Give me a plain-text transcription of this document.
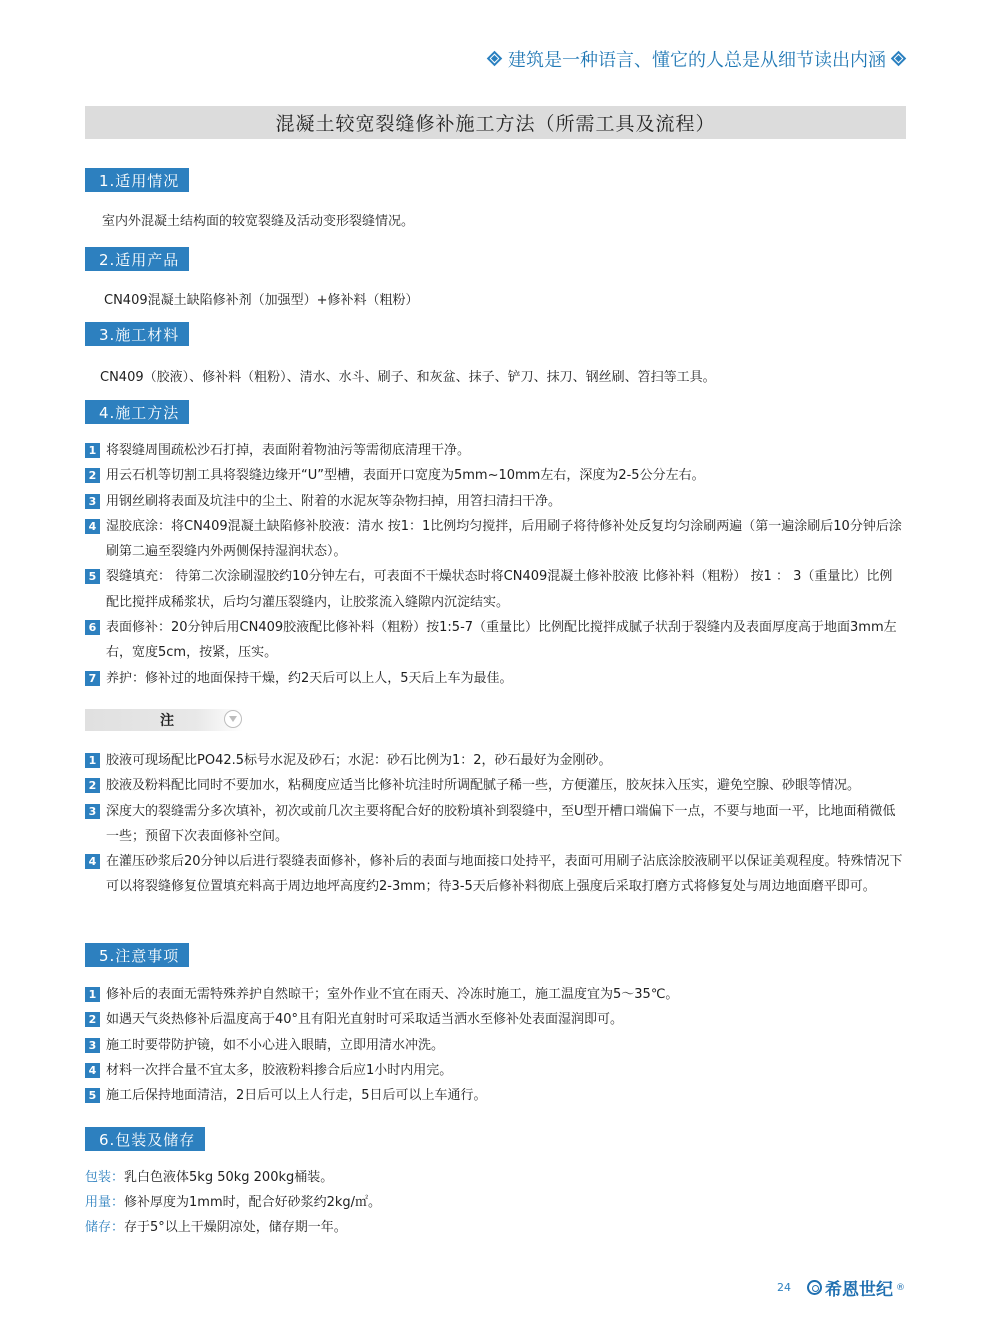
建筑是一种语言、懂它的人总是从细节读出内涵
混凝土较宽裂缝修补施工方法（所需工具及流程）
1.适用情况
室内外混凝土结构面的较宽裂缝及活动变形裂缝情况。
2.适用产品
CN409混凝土缺陷修补剂（加强型）+修补料（粗粉）
3.施工材料
CN409（胶液）、修补料（粗粉）、清水、水斗、刷子、和灰盆、抹子、铲刀、抹刀、钢丝刷、笤扫等工具。
4.施工方法
1 将裂缝周围疏松沙石打掉，表面附着物油污等需彻底清理干净。
2 用云石机等切割工具将裂缝边缘开“U”型槽，表面开口宽度为5mm~10mm左右，深度为2-5公分左右。
3 用钢丝刷将表面及坑洼中的尘土、附着的水泥灰等杂物扫掉，用笤扫清扫干净。
4 湿胶底涂：将CN409混凝土缺陷修补胶液：清水 按1：1比例均匀搅拌，后用刷子将待修补处反复均匀涂刷两遍（第一遍涂刷后10分钟后涂刷第二遍至裂缝内外两侧保持湿润状态）。
5 裂缝填充： 待第二次涂刷湿胶约10分钟左右，可表面不干燥状态时将CN409混凝土修补胶液 比修补料（粗粉） 按1 ： 3（重量比）比例配比搅拌成稀浆状，后均匀灌压裂缝内，让胶浆流入缝隙内沉淀结实。
6 表面修补：20分钟后用CN409胶液配比修补料（粗粉）按1:5-7（重量比）比例配比搅拌成腻子状刮于裂缝内及表面厚度高于地面3mm左右，宽度5cm，按紧，压实。
7 养护：修补过的地面保持干燥，约2天后可以上人，5天后上车为最佳。
注
1 胶液可现场配比PO42.5标号水泥及砂石；水泥：砂石比例为1：2，砂石最好为金刚砂。
2 胶液及粉料配比同时不要加水，粘稠度应适当比修补坑洼时所调配腻子稀一些，方便灌压，胶灰抹入压实，避免空腺、砂眼等情况。
3 深度大的裂缝需分多次填补，初次或前几次主要将配合好的胶粉填补到裂缝中，至U型开槽口端偏下一点，不要与地面一平，比地面稍微低一些；预留下次表面修补空间。
4 在灌压砂浆后20分钟以后进行裂缝表面修补，修补后的表面与地面接口处持平，表面可用刷子沾底涂胶液刷平以保证美观程度。特殊情况下可以将裂缝修复位置填充料高于周边地坪高度约2-3mm；待3-5天后修补料彻底上强度后采取打磨方式将修复处与周边地面磨平即可。
5.注意事项
1 修补后的表面无需特殊养护自然晾干；室外作业不宜在雨天、冷冻时施工，施工温度宜为5～35℃。
2 如遇天气炎热修补后温度高于40°且有阳光直射时可采取适当洒水至修补处表面湿润即可。
3 施工时要带防护镜，如不小心进入眼睛，立即用清水冲洗。
4 材料一次拌合量不宜太多，胶液粉料掺合后应1小时内用完。
5 施工后保持地面清洁，2日后可以上人行走，5日后可以上车通行。
6.包装及储存
包装：乳白色液体5kg 50kg 200kg桶装。
用量：修补厚度为1mm时，配合好砂浆约2kg/㎡。
储存：存于5°以上干燥阴凉处，储存期一年。
24 希恩世纪 ®
